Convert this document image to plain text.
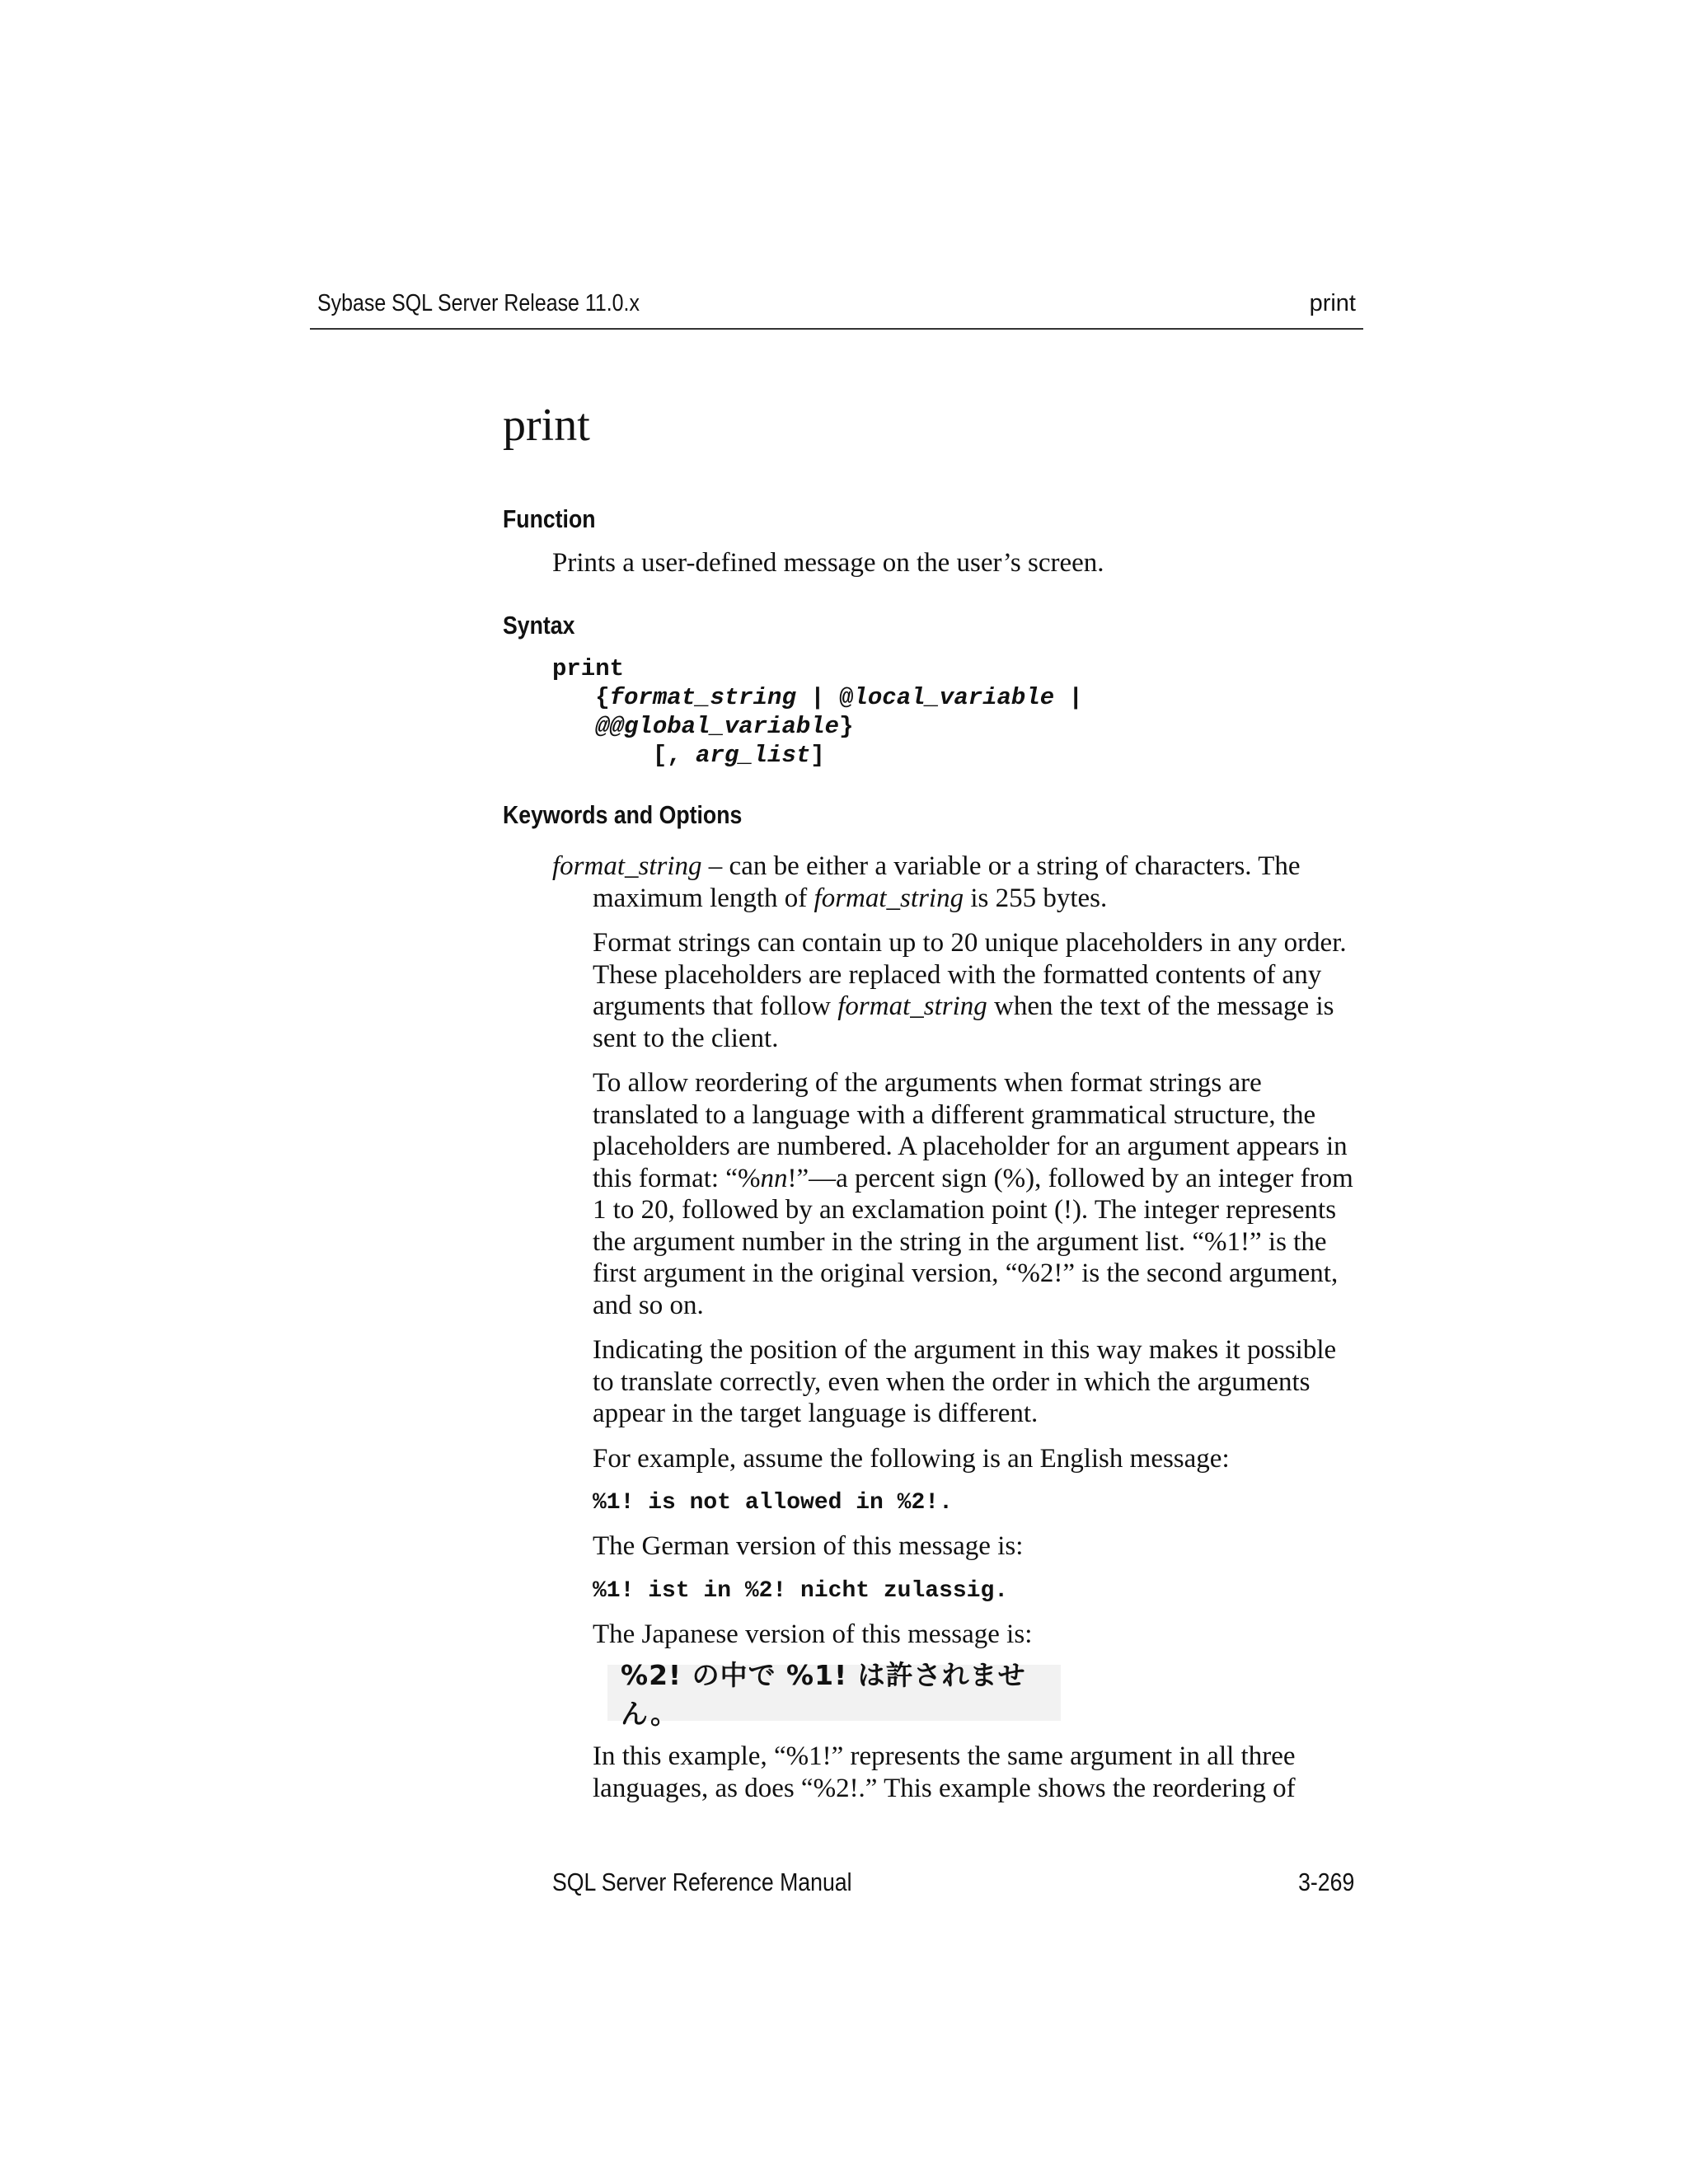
Sybase SQL Server Release 11.0.x	print
print
Function

Prints a user-defined message on the user’s screen.

Syntax
print
{format_string | @local_variable |
@@global_variable}
[, arg_list]
Keywords and Options

format_string – can be either a variable or a string of characters. The maximum length of format_string is 255 bytes.

Format strings can contain up to 20 unique placeholders in any order. These placeholders are replaced with the formatted contents of any arguments that follow format_string when the text of the message is sent to the client.

To allow reordering of the arguments when format strings are translated to a language with a different grammatical structure, the placeholders are numbered. A placeholder for an argument appears in this format: “%nn!”—a percent sign (%), followed by an integer from 1 to 20, followed by an exclamation point (!). The integer represents the argument number in the string in the argument list. “%1!” is the first argument in the original version, “%2!” is the second argument, and so on.

Indicating the position of the argument in this way makes it possible to translate correctly, even when the order in which the arguments appear in the target language is different.

For example, assume the following is an English message:

%1! is not allowed in %2!.

The German version of this message is:

%1! ist in %2! nicht zulassig.

The Japanese version of this message is:

%2! の中で %1! は許されません。

In this example, “%1!” represents the same argument in all three languages, as does “%2!.” This example shows the reordering of

SQL Server Reference Manual	3-269
